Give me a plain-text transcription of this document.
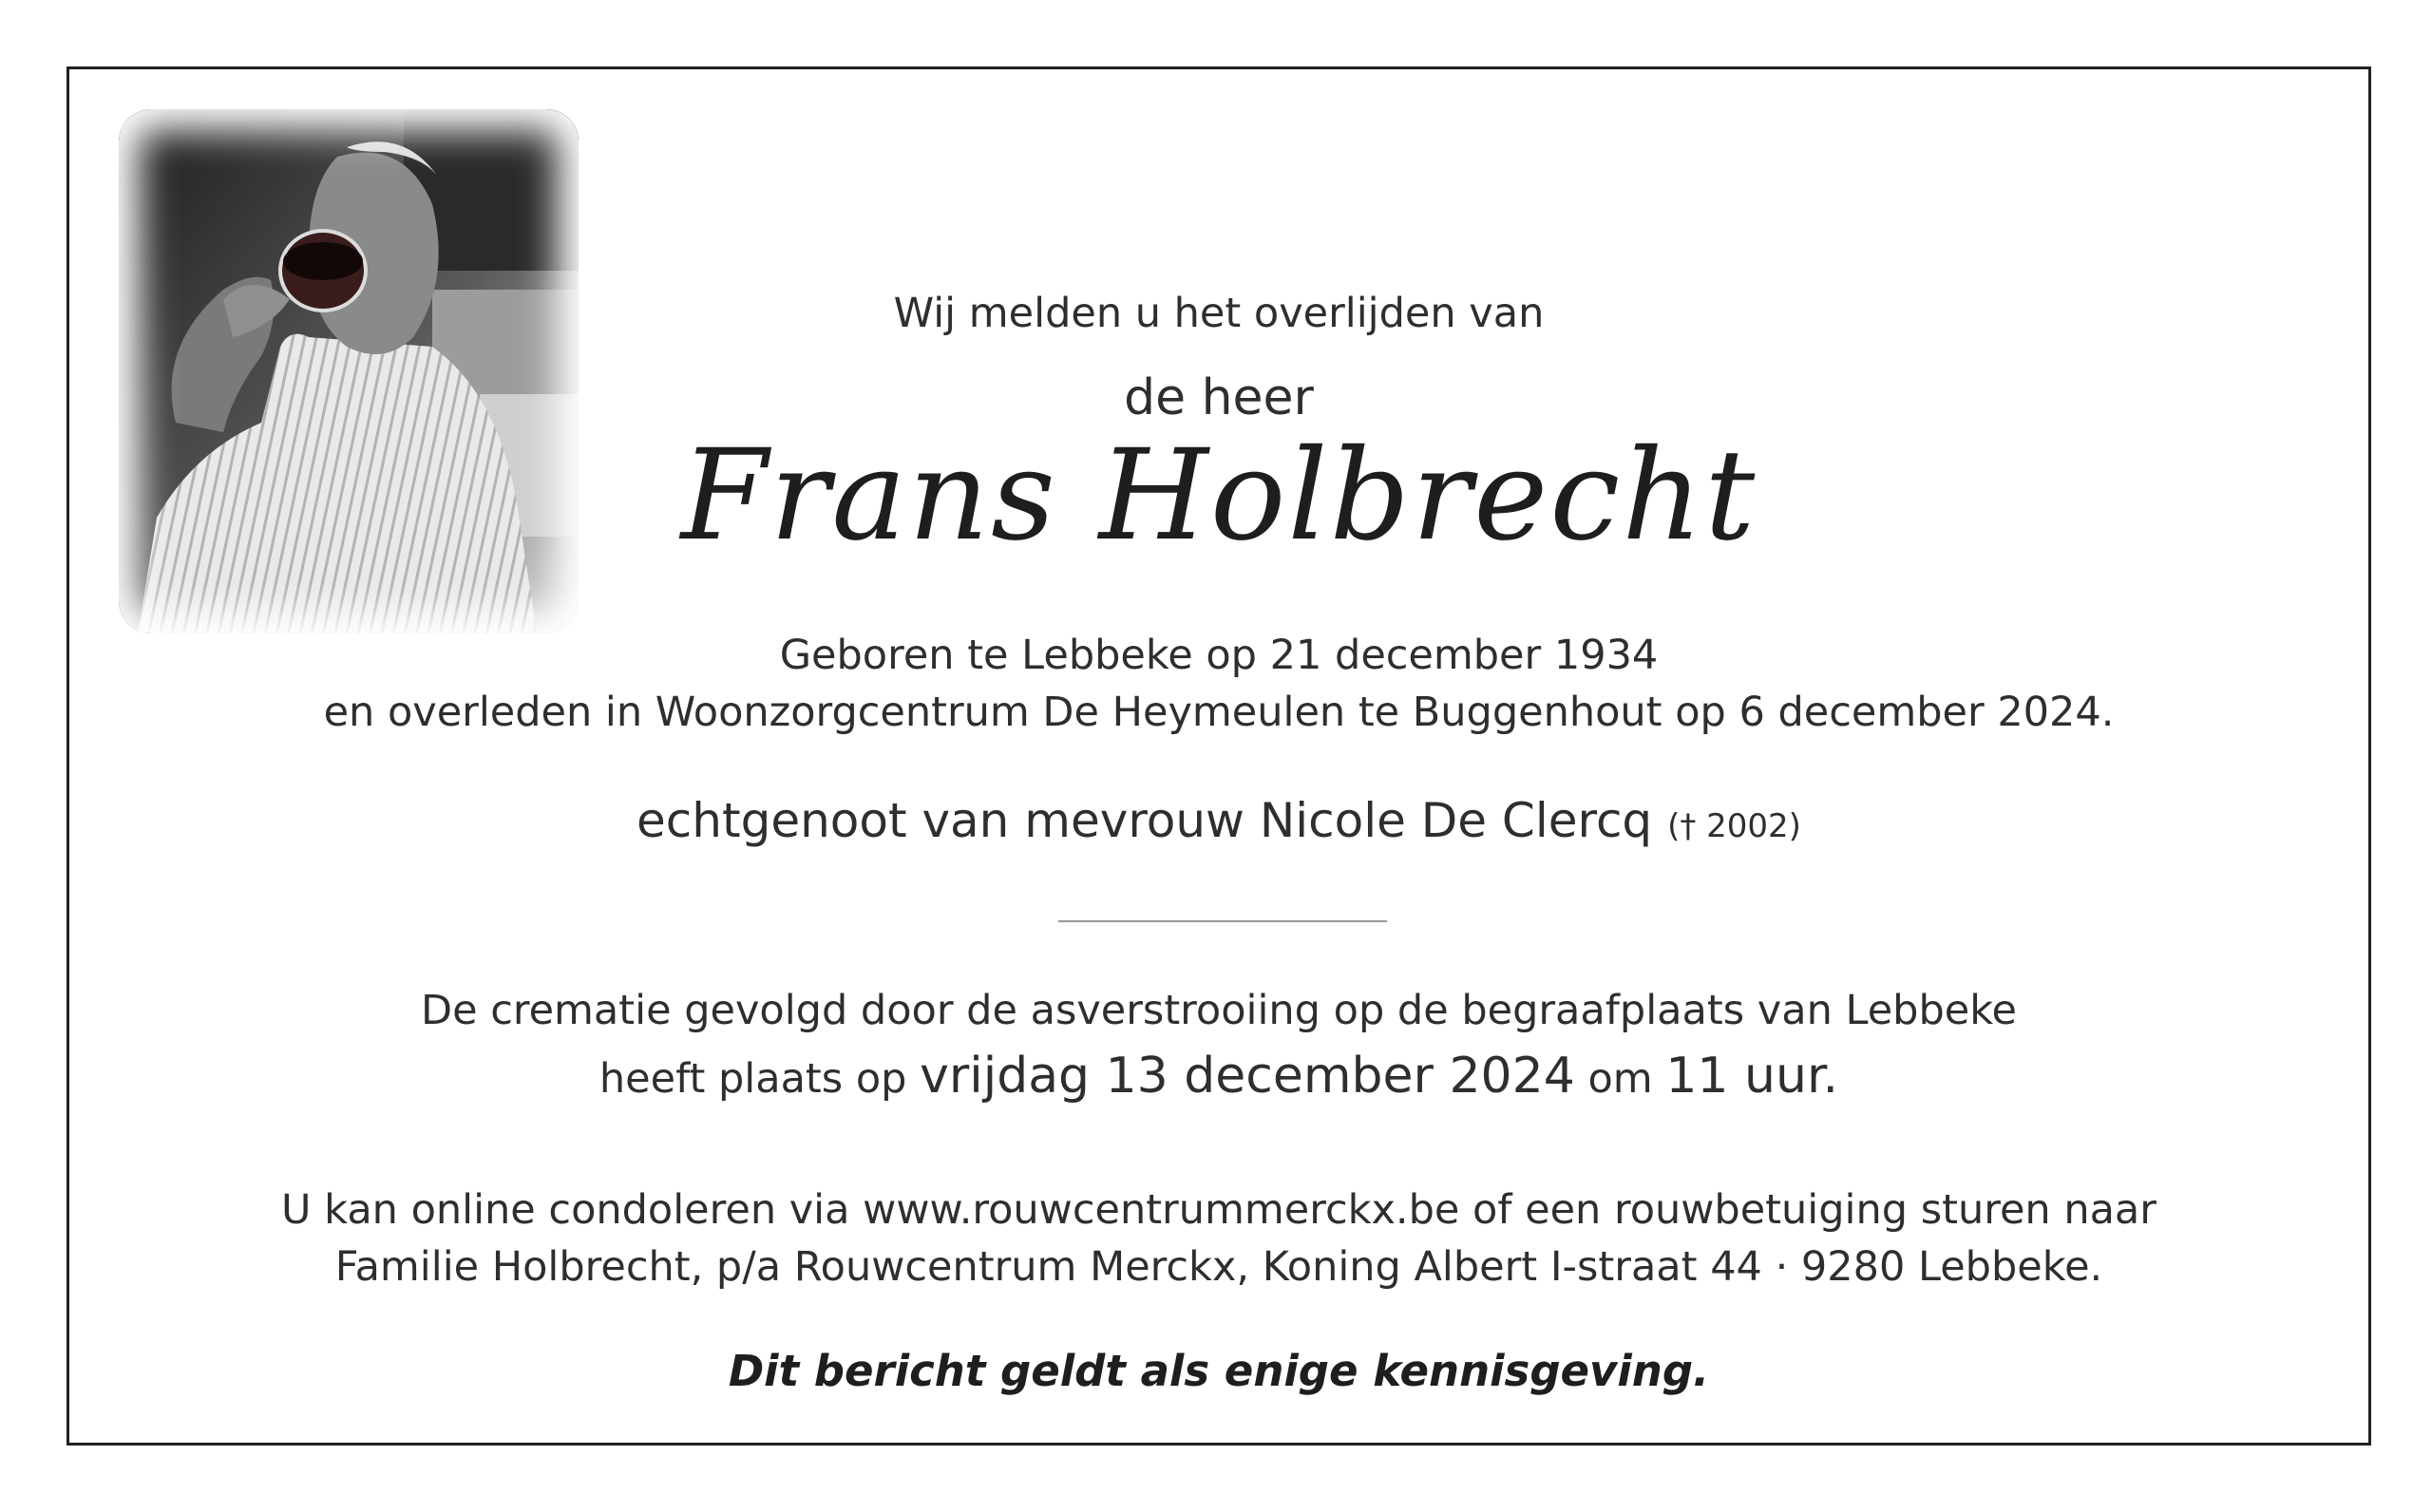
Wij melden u het overlijden van

de heer

Frans Holbrecht

Geboren te Lebbeke op 21 december 1934

en overleden in Woonzorgcentrum De Heymeulen te Buggenhout op 6 december 2024.

echtgenoot van mevrouw Nicole De Clercq († 2002)

De crematie gevolgd door de asverstrooiing op de begraafplaats van Lebbeke

heeft plaats op vrijdag 13 december 2024 om 11 uur.

U kan online condoleren via www.rouwcentrummerckx.be of een rouwbetuiging sturen naar

Familie Holbrecht, p/a Rouwcentrum Merckx, Koning Albert I-straat 44 · 9280 Lebbeke.

Dit bericht geldt als enige kennisgeving.
